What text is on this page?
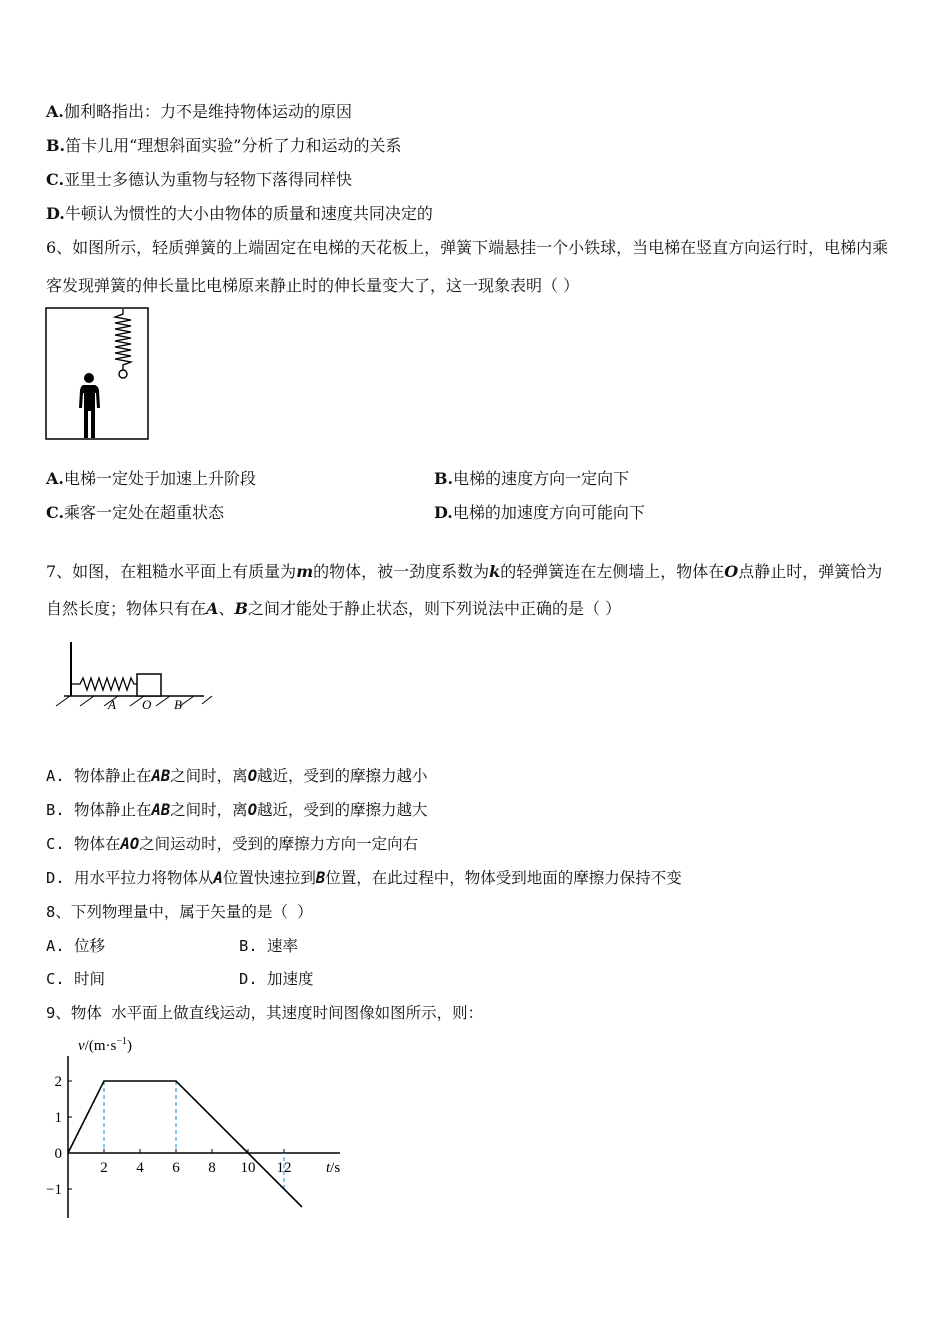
A.伽利略指出：力不是维持物体运动的原因
B.笛卡儿用“理想斜面实验”分析了力和运动的关系
C.亚里士多德认为重物与轻物下落得同样快
D.牛顿认为惯性的大小由物体的质量和速度共同决定的
6、如图所示，轻质弹簧的上端固定在电梯的天花板上，弹簧下端悬挂一个小铁球，当电梯在竖直方向运行时，电梯内乘
客发现弹簧的伸长量比电梯原来静止时的伸长量变大了，这一现象表明（ ）
A.电梯一定处于加速上升阶段	B.电梯的速度方向一定向下
C.乘客一定处在超重状态	D.电梯的加速度方向可能向下
7、如图，在粗糙水平面上有质量为m的物体，被一劲度系数为k的轻弹簧连在左侧墙上，物体在O点静止时，弹簧恰为
自然长度；物体只有在A、B之间才能处于静止状态，则下列说法中正确的是（ ）
A O B
A. 物体静止在AB之间时，离O越近，受到的摩擦力越小
B. 物体静止在AB之间时，离O越近，受到的摩擦力越大
C. 物体在AO之间运动时，受到的摩擦力方向一定向右
D. 用水平拉力将物体从A位置快速拉到B位置，在此过程中，物体受到地面的摩擦力保持不变
8、下列物理量中，属于矢量的是（ ）
A. 位移	B. 速率
C. 时间	D. 加速度
9、物体 水平面上做直线运动，其速度时间图像如图所示，则：
$v/(m\cdot s^{-1})$
t/s
2 4 6 8 10 12
2
1
0
−1
